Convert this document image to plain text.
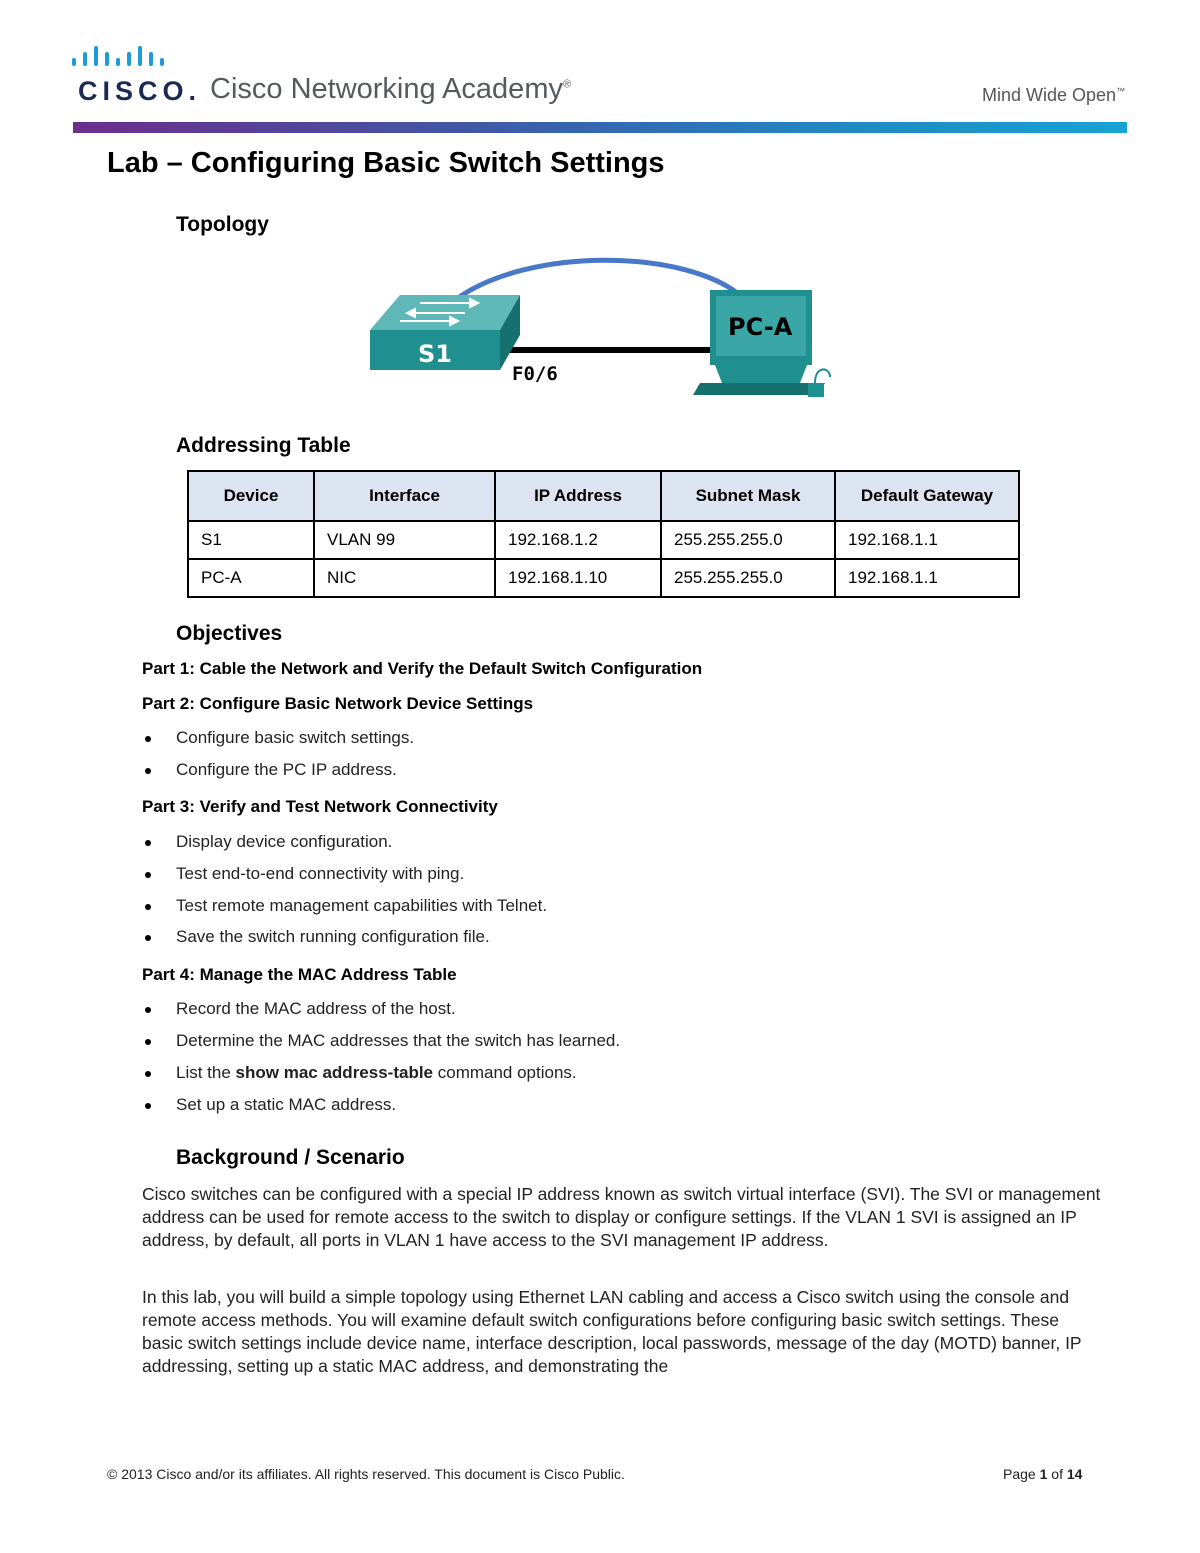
CISCO. Cisco Networking Academy®
Mind Wide Open™
Lab – Configuring Basic Switch Settings
Topology
S1
F0/6
PC-A
Addressing Table
Device	Interface	IP Address	Subnet Mask	Default Gateway
S1	VLAN 99	192.168.1.2	255.255.255.0	192.168.1.1
PC-A	NIC	192.168.1.10	255.255.255.0	192.168.1.1
Objectives
Part 1: Cable the Network and Verify the Default Switch Configuration
Part 2: Configure Basic Network Device Settings
Configure basic switch settings.
Configure the PC IP address.
Part 3: Verify and Test Network Connectivity
Display device configuration.
Test end-to-end connectivity with ping.
Test remote management capabilities with Telnet.
Save the switch running configuration file.
Part 4: Manage the MAC Address Table
Record the MAC address of the host.
Determine the MAC addresses that the switch has learned.
List the show mac address-table command options.
Set up a static MAC address.
Background / Scenario
Cisco switches can be configured with a special IP address known as switch virtual interface (SVI). The SVI or management address can be used for remote access to the switch to display or configure settings. If the VLAN 1 SVI is assigned an IP address, by default, all ports in VLAN 1 have access to the SVI management IP address.
In this lab, you will build a simple topology using Ethernet LAN cabling and access a Cisco switch using the console and remote access methods. You will examine default switch configurations before configuring basic switch settings. These basic switch settings include device name, interface description, local passwords, message of the day (MOTD) banner, IP addressing, setting up a static MAC address, and demonstrating the
© 2013 Cisco and/or its affiliates. All rights reserved. This document is Cisco Public.	Page 1 of 14
